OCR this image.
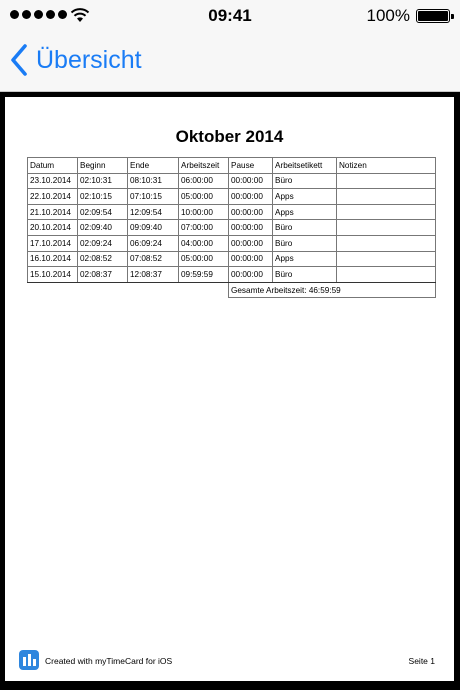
09:41	100%
Übersicht
Oktober 2014
Datum	Beginn	Ende	Arbeitszeit	Pause	Arbeitsetikett	Notizen
23.10.2014	02:10:31	08:10:31	06:00:00	00:00:00	Büro	
22.10.2014	02:10:15	07:10:15	05:00:00	00:00:00	Apps	
21.10.2014	02:09:54	12:09:54	10:00:00	00:00:00	Apps	
20.10.2014	02:09:40	09:09:40	07:00:00	00:00:00	Büro	
17.10.2014	02:09:24	06:09:24	04:00:00	00:00:00	Büro	
16.10.2014	02:08:52	07:08:52	05:00:00	00:00:00	Apps	
15.10.2014	02:08:37	12:08:37	09:59:59	00:00:00	Büro	
				Gesamte Arbeitszeit: 46:59:59		
Created with myTimeCard for iOS	Seite 1
